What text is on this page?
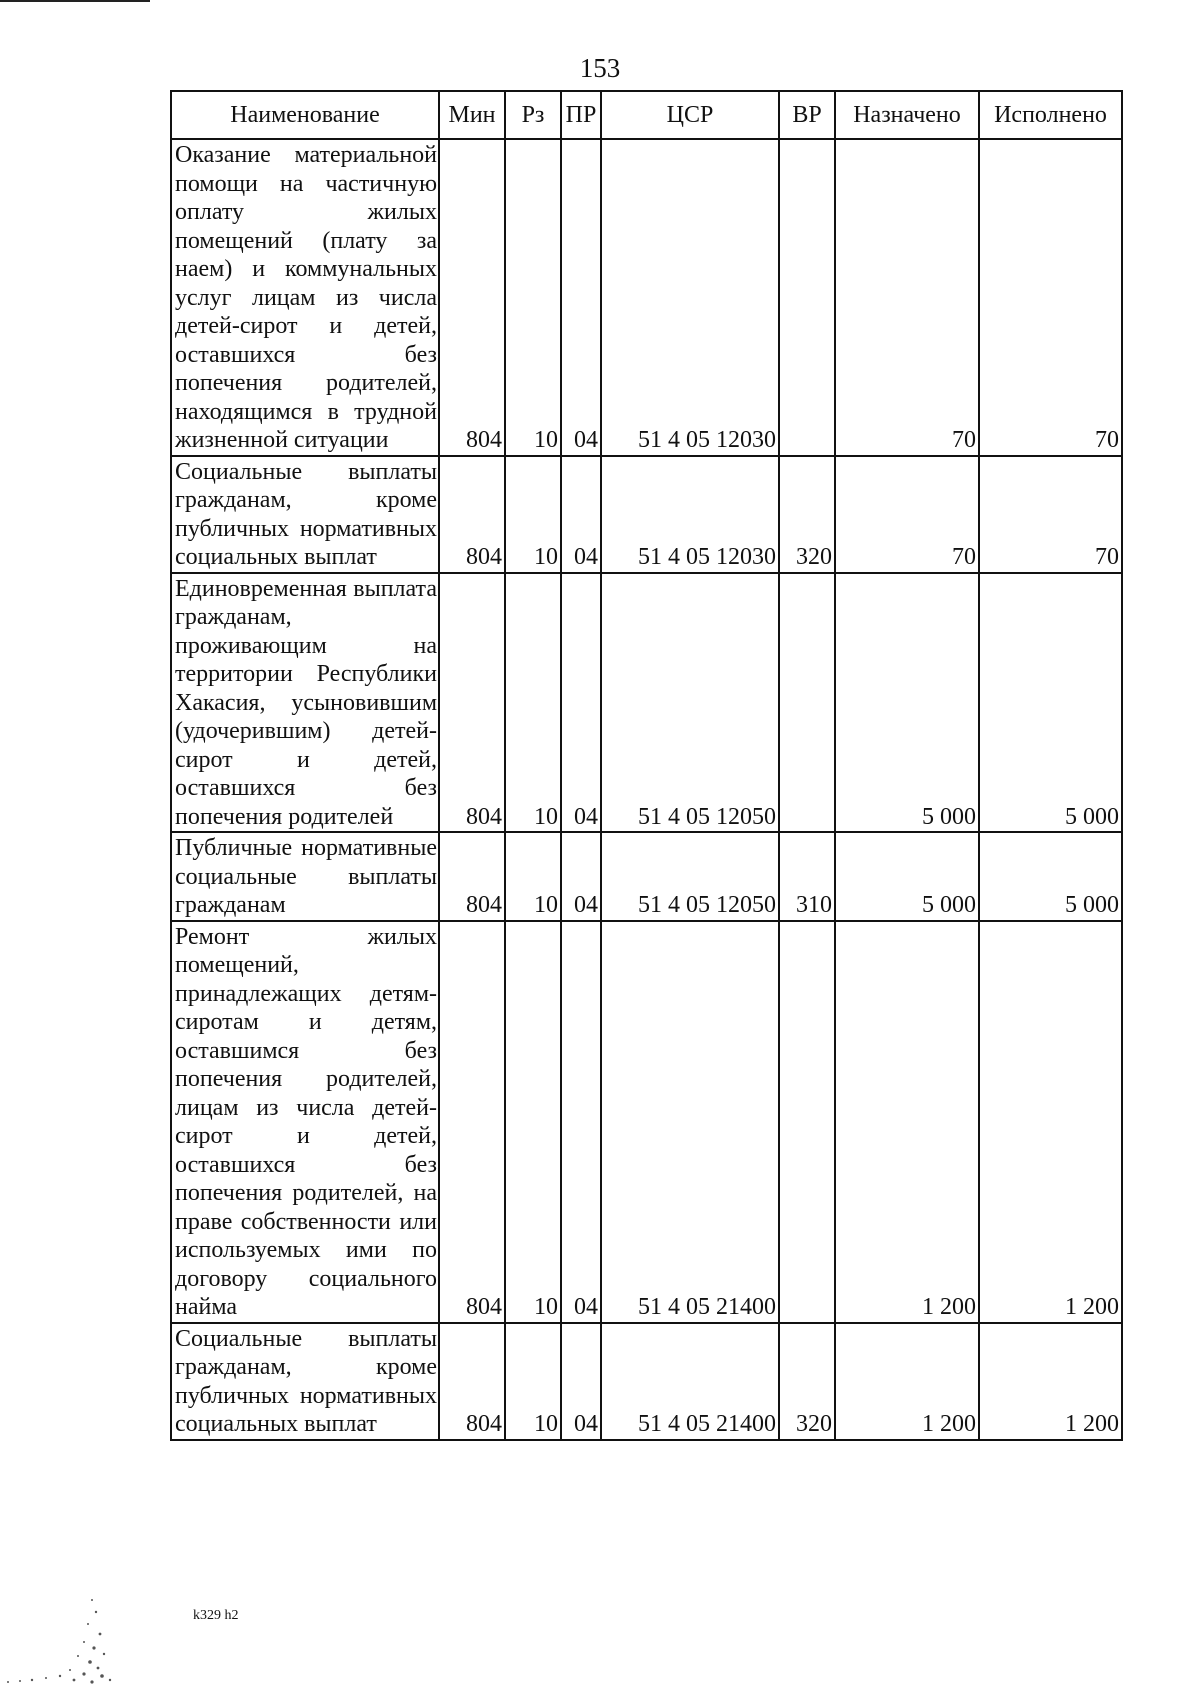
153
Наименование	Мин	Рз	ПР	ЦСР	ВР	Назначено	Исполнено
Оказание материальной помощи на частичную оплату жилых помещений (плату за наем) и коммунальных услуг лицам из числа детей-сирот и детей, оставшихся без попечения родителей, находящимся в трудной жизненной ситуации	804	10	04	51 4 05 12030		70	70
Социальные выплаты гражданам, кроме публичных нормативных социальных выплат	804	10	04	51 4 05 12030	320	70	70
Единовременная выплата гражданам, проживающим на территории Республики Хакасия, усыновившим (удочерившим) детей-сирот и детей, оставшихся без попечения родителей	804	10	04	51 4 05 12050		5 000	5 000
Публичные нормативные социальные выплаты гражданам	804	10	04	51 4 05 12050	310	5 000	5 000
Ремонт жилых помещений, принадлежащих детям-сиротам и детям, оставшимся без попечения родителей, лицам из числа детей-сирот и детей, оставшихся без попечения родителей, на праве собственности или используемых ими по договору социального найма	804	10	04	51 4 05 21400		1 200	1 200
Социальные выплаты гражданам, кроме публичных нормативных социальных выплат	804	10	04	51 4 05 21400	320	1 200	1 200
k329 h2
